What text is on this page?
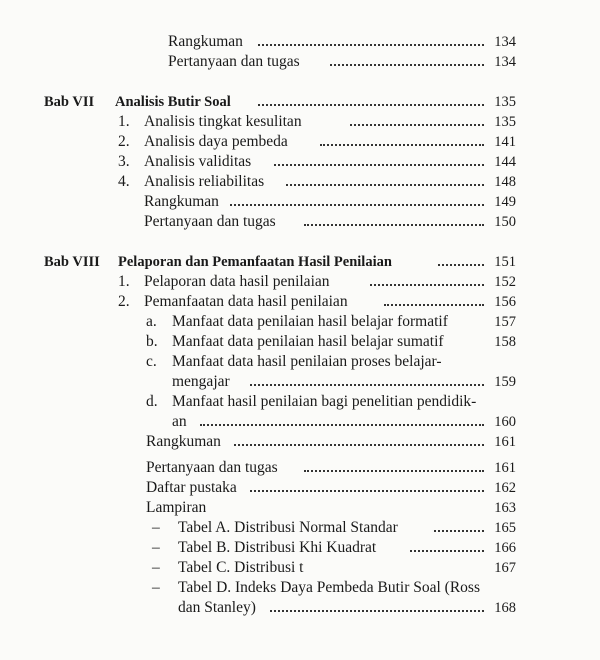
Rangkuman	134
Pertanyaan dan tugas	134
Bab VII Analisis Butir Soal	135
1. Analisis tingkat kesulitan	135
2. Analisis daya pembeda	141
3. Analisis validitas	144
4. Analisis reliabilitas	148
Rangkuman	149
Pertanyaan dan tugas	150
Bab VIII Pelaporan dan Pemanfaatan Hasil Penilaian	151
1. Pelaporan data hasil penilaian	152
2. Pemanfaatan data hasil penilaian	156
a. Manfaat data penilaian hasil belajar formatif	157
b. Manfaat data penilaian hasil belajar sumatif	158
c. Manfaat data hasil penilaian proses belajar-
mengajar	159
d. Manfaat hasil penilaian bagi penelitian pendidik-
an	160
Rangkuman	161
Pertanyaan dan tugas	161
Daftar pustaka	162
Lampiran	163
– Tabel A. Distribusi Normal Standar	165
– Tabel B. Distribusi Khi Kuadrat	166
– Tabel C. Distribusi t	167
– Tabel D. Indeks Daya Pembeda Butir Soal (Ross
dan Stanley)	168
